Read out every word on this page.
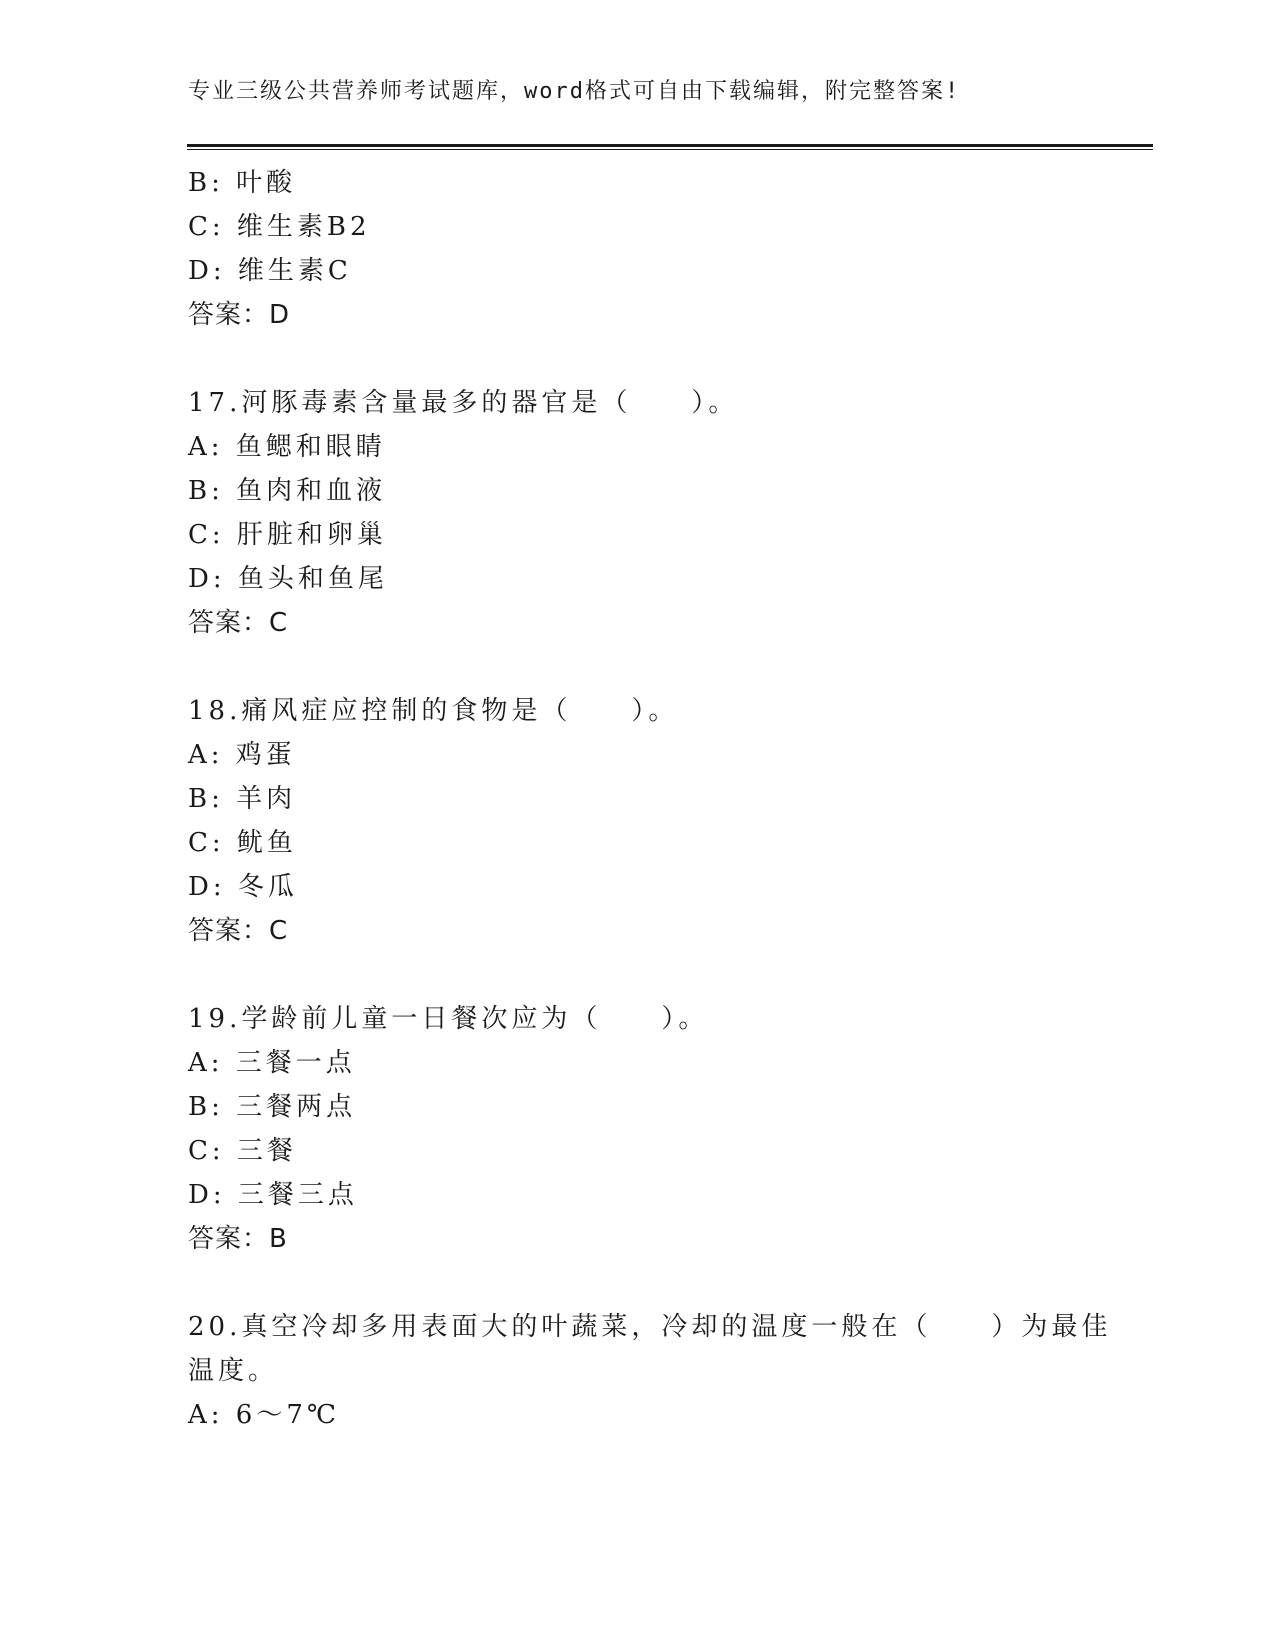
专业三级公共营养师考试题库，word格式可自由下载编辑，附完整答案!
B: 叶酸
C: 维生素B2
D: 维生素C
答案：D
17.河豚毒素含量最多的器官是（　　）。
A: 鱼鳃和眼睛
B: 鱼肉和血液
C: 肝脏和卵巢
D: 鱼头和鱼尾
答案：C
18.痛风症应控制的食物是（　　）。
A: 鸡蛋
B: 羊肉
C: 鱿鱼
D: 冬瓜
答案：C
19.学龄前儿童一日餐次应为（　　）。
A: 三餐一点
B: 三餐两点
C: 三餐
D: 三餐三点
答案：B
20.真空冷却多用表面大的叶蔬菜，冷却的温度一般在（　　）为最佳
温度。
A: 6～7℃
